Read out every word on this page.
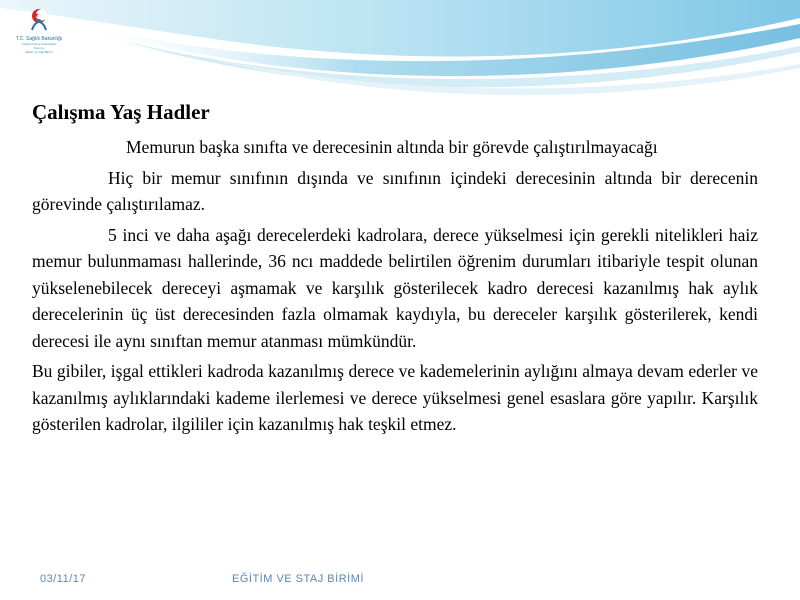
T.C. Sağlık Bakanlığı
Türkiye Kamu Hastaneleri
Kurumu
Eğitim ve Staj Birimi
Çalışma Yaş Hadler

Memurun başka sınıfta ve derecesinin altında bir görevde çalıştırılmayacağı

Hiç bir memur sınıfının dışında ve sınıfının içindeki derecesinin altında bir derecenin görevinde çalıştırılamaz.

5 inci ve daha aşağı derecelerdeki kadrolara, derece yükselmesi için gerekli nitelikleri haiz memur bulunmaması hallerinde, 36 ncı maddede belirtilen öğrenim durumları itibariyle tespit olunan yükselenebilecek dereceyi aşmamak ve karşılık gösterilecek kadro derecesi kazanılmış hak aylık derecelerinin üç üst derecesinden fazla olmamak kaydıyla, bu dereceler karşılık gösterilerek, kendi derecesi ile aynı sınıftan memur atanması mümkündür.

Bu gibiler, işgal ettikleri kadroda kazanılmış derece ve kademelerinin aylığını almaya devam ederler ve kazanılmış aylıklarındaki kademe ilerlemesi ve derece yükselmesi genel esaslara göre yapılır. Karşılık gösterilen kadrolar, ilgililer için kazanılmış hak teşkil etmez.

03/11/17	EĞİTİM VE STAJ BİRİMİ
